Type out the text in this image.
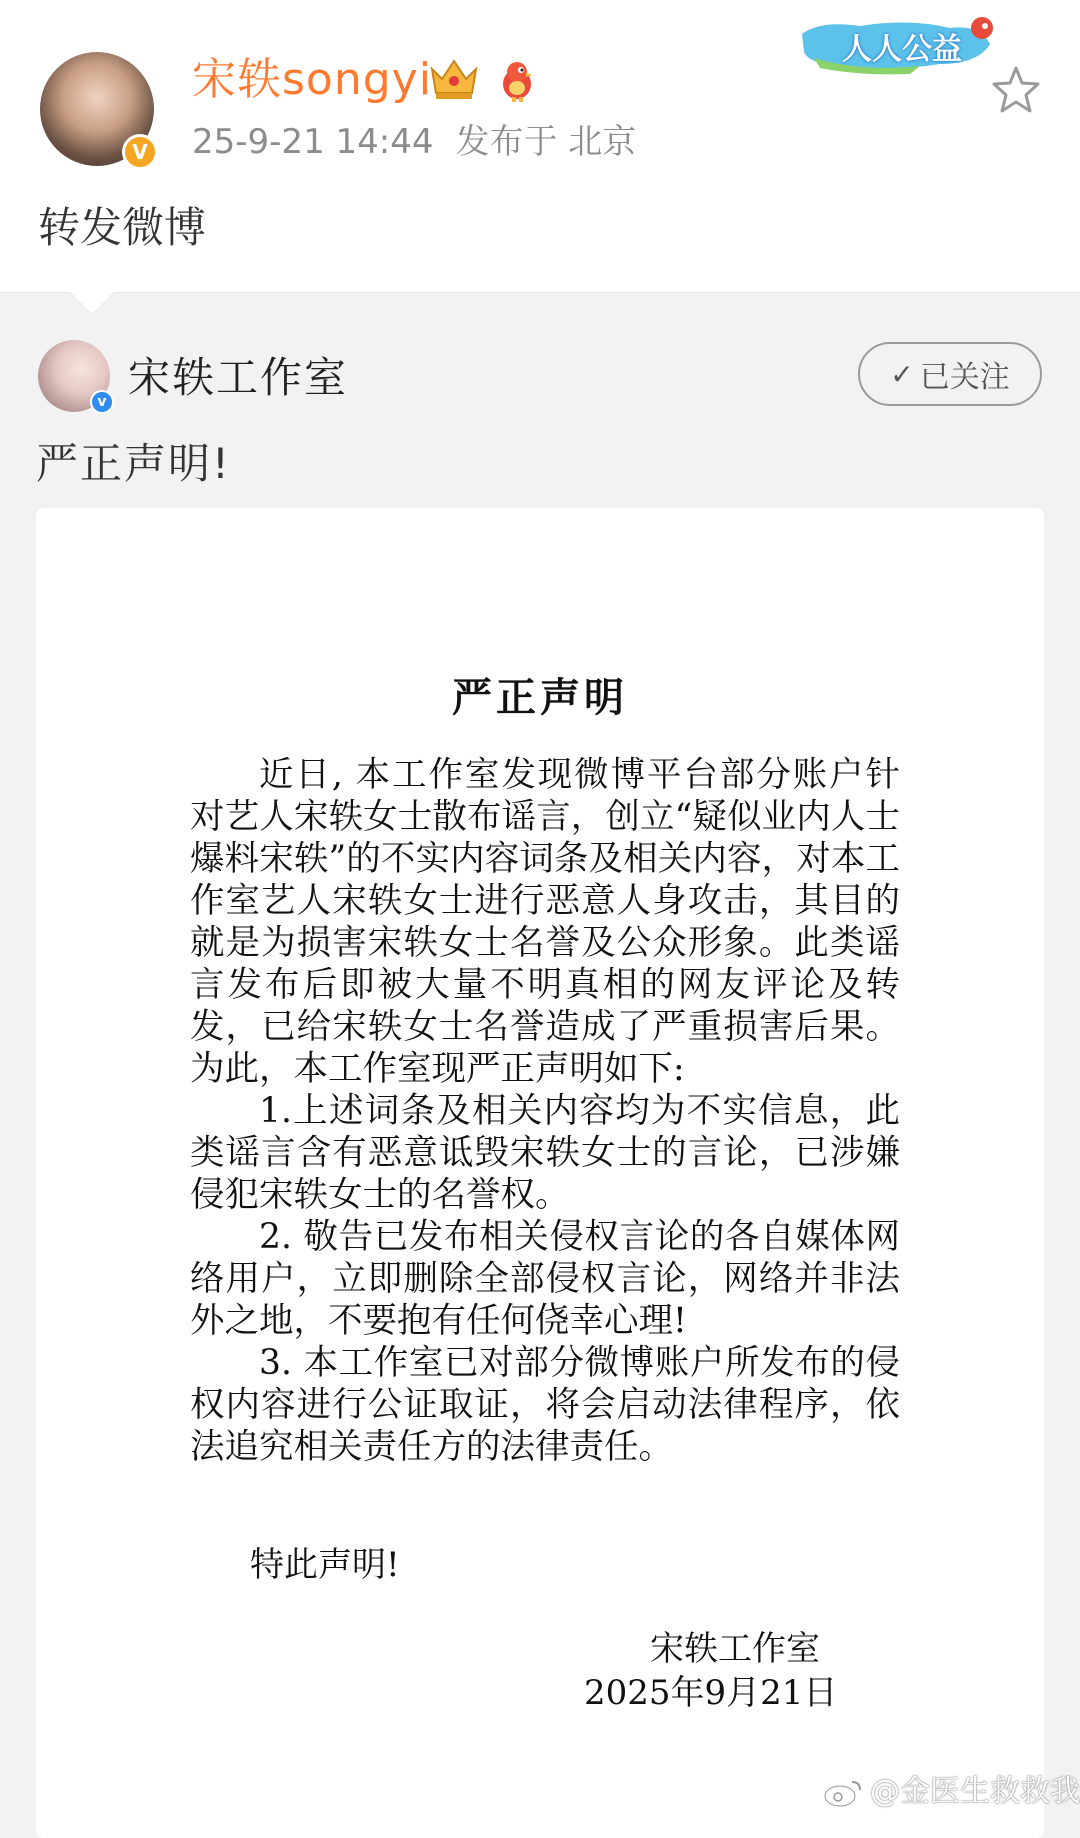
V
宋轶songyi
25-9-21 14:44 发布于 北京
人人公益
转发微博
v 宋轶工作室	✓ 已关注
严正声明!
严正声明

近日, 本工作室发现微博平台部分账户针对艺人宋轶女士散布谣言，创立“疑似业内人士爆料宋轶”的不实内容词条及相关内容，对本工作室艺人宋轶女士进行恶意人身攻击，其目的就是为损害宋轶女士名誉及公众形象。此类谣言发布后即被大量不明真相的网友评论及转发，已给宋轶女士名誉造成了严重损害后果。为此，本工作室现严正声明如下:

1.上述词条及相关内容均为不实信息，此类谣言含有恶意诋毁宋轶女士的言论，已涉嫌侵犯宋轶女士的名誉权。

2. 敬告已发布相关侵权言论的各自媒体网络用户，立即删除全部侵权言论，网络并非法外之地，不要抱有任何侥幸心理!

3. 本工作室已对部分微博账户所发布的侵权内容进行公证取证，将会启动法律程序，依法追究相关责任方的法律责任。

特此声明!
宋轶工作室
2025年9月21日
@金医生救救我
